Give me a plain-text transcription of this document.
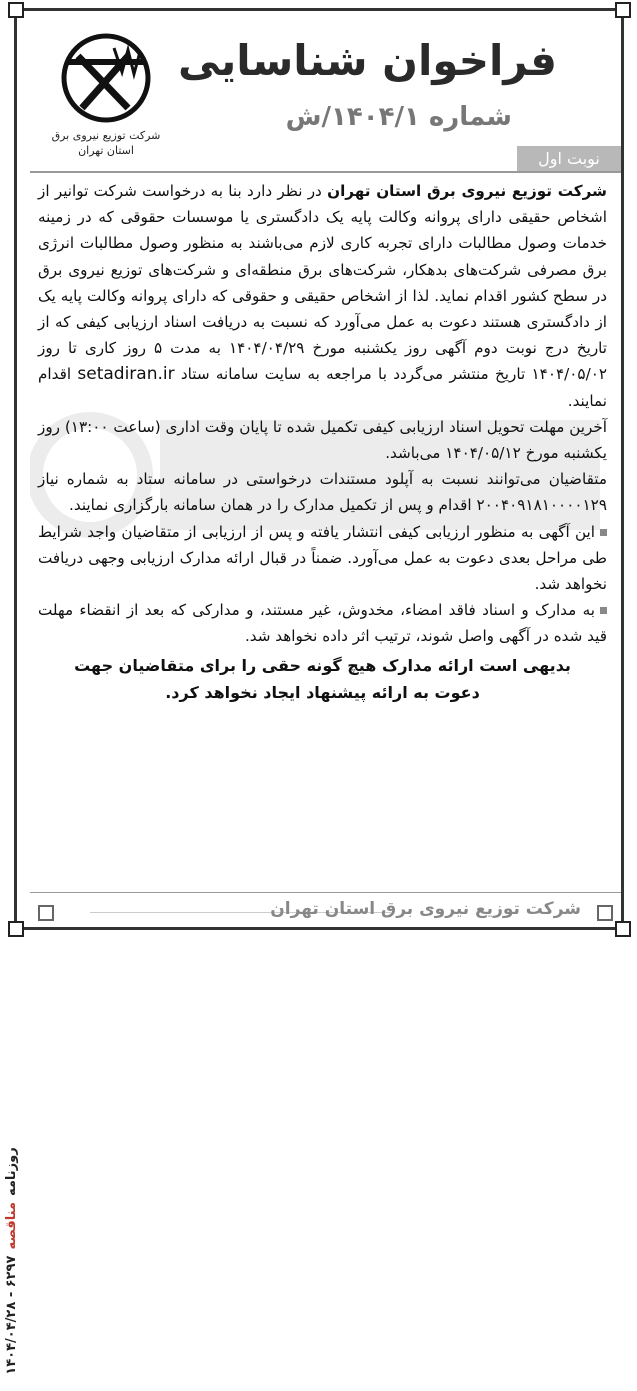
روزنامه
مناقصه
۶۲۹۷ - ۱۴۰۴/۰۴/۲۸
شرکت توزیع نیروی برق
استان تهران
فراخوان شناسایی
شماره ۱۴۰۴/۱/ش
نوبت اول

شرکت توزیع نیروی برق استان تهران در نظر دارد بنا به درخواست شرکت توانیر از اشخاص حقیقی دارای پروانه وکالت پایه یک دادگستری یا موسسات حقوقی که در زمینه خدمات وصول مطالبات دارای تجربه کاری لازم می‌باشند به منظور وصول مطالبات انرژی برق مصرفی شرکت‌های بدهکار، شرکت‌های برق منطقه‌ای و شرکت‌های توزیع نیروی برق در سطح کشور اقدام نماید. لذا از اشخاص حقیقی و حقوقی که دارای پروانه وکالت پایه یک از دادگستری هستند دعوت به عمل می‌آورد که نسبت به دریافت اسناد ارزیابی کیفی که از تاریخ درج نوبت دوم آگهی روز یکشنبه مورخ ۱۴۰۴/۰۴/۲۹ به مدت ۵ روز کاری تا روز ۱۴۰۴/۰۵/۰۲ تاریخ منتشر می‌گردد با مراجعه به سایت سامانه ستاد setadiran.ir اقدام نمایند.

آخرین مهلت تحویل اسناد ارزیابی کیفی تکمیل شده تا پایان وقت اداری (ساعت ۱۳:۰۰) روز یکشنبه مورخ ۱۴۰۴/۰۵/۱۲ می‌باشد.

متقاضیان می‌توانند نسبت به آپلود مستندات درخواستی در سامانه ستاد به شماره نیاز ۲۰۰۴۰۹۱۸۱۰۰۰۰۱۲۹ اقدام و پس از تکمیل مدارک را در همان سامانه بارگزاری نمایند.

این آگهی به منظور ارزیابی کیفی انتشار یافته و پس از ارزیابی از متقاضیان واجد شرایط طی مراحل بعدی دعوت به عمل می‌آورد. ضمناً در قبال ارائه مدارک ارزیابی وجهی دریافت نخواهد شد.

به مدارک و اسناد فاقد امضاء، مخدوش، غیر مستند، و مدارکی که بعد از انقضاء مهلت قید شده در آگهی واصل شوند، ترتیب اثر داده نخواهد شد.

بدیهی است ارائه مدارک هیچ گونه حقی را برای متقاضیان جهت
دعوت به ارائه پیشنهاد ایجاد نخواهد کرد.
شرکت توزیع نیروی برق استان تهران
